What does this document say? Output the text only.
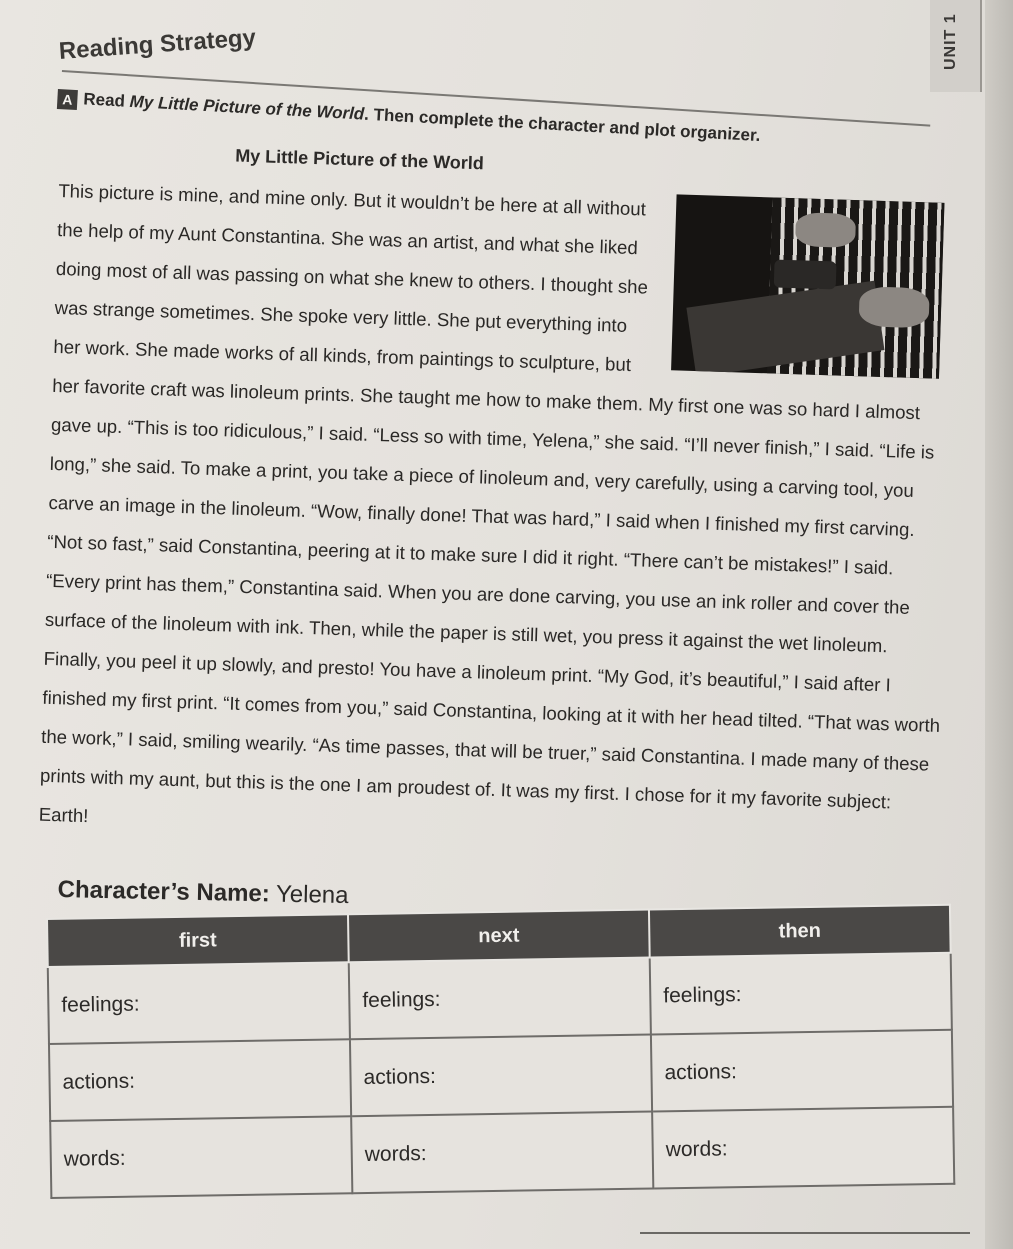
UNIT 1
Reading Strategy
A Read My Little Picture of the World. Then complete the character and plot organizer.
My Little Picture of the World

This picture is mine, and mine only. But it wouldn’t be here at all without the help of my Aunt Constantina. She was an artist, and what she liked doing most of all was passing on what she knew to others. I thought she was strange sometimes. She spoke very little. She put everything into her work. She made works of all kinds, from paintings to sculpture, but her favorite craft was linoleum prints. She taught me how to make them. My first one was so hard I almost gave up. “This is too ridiculous,” I said. “Less so with time, Yelena,” she said. “I’ll never finish,” I said. “Life is long,” she said. To make a print, you take a piece of linoleum and, very carefully, using a carving tool, you carve an image in the linoleum. “Wow, finally done! That was hard,” I said when I finished my first carving. “Not so fast,” said Constantina, peering at it to make sure I did it right. “There can’t be mistakes!” I said. “Every print has them,” Constantina said. When you are done carving, you use an ink roller and cover the surface of the linoleum with ink. Then, while the paper is still wet, you press it against the wet linoleum. Finally, you peel it up slowly, and presto! You have a linoleum print. “My God, it’s beautiful,” I said after I finished my first print. “It comes from you,” said Constantina, looking at it with her head tilted. “That was worth the work,” I said, smiling wearily. “As time passes, that will be truer,” said Constantina. I made many of these prints with my aunt, but this is the one I am proudest of. It was my first. I chose for it my favorite subject: Earth!

Character’s Name: Yelena
first	next	then
feelings:	feelings:	feelings:
actions:	actions:	actions:
words:	words:	words:
